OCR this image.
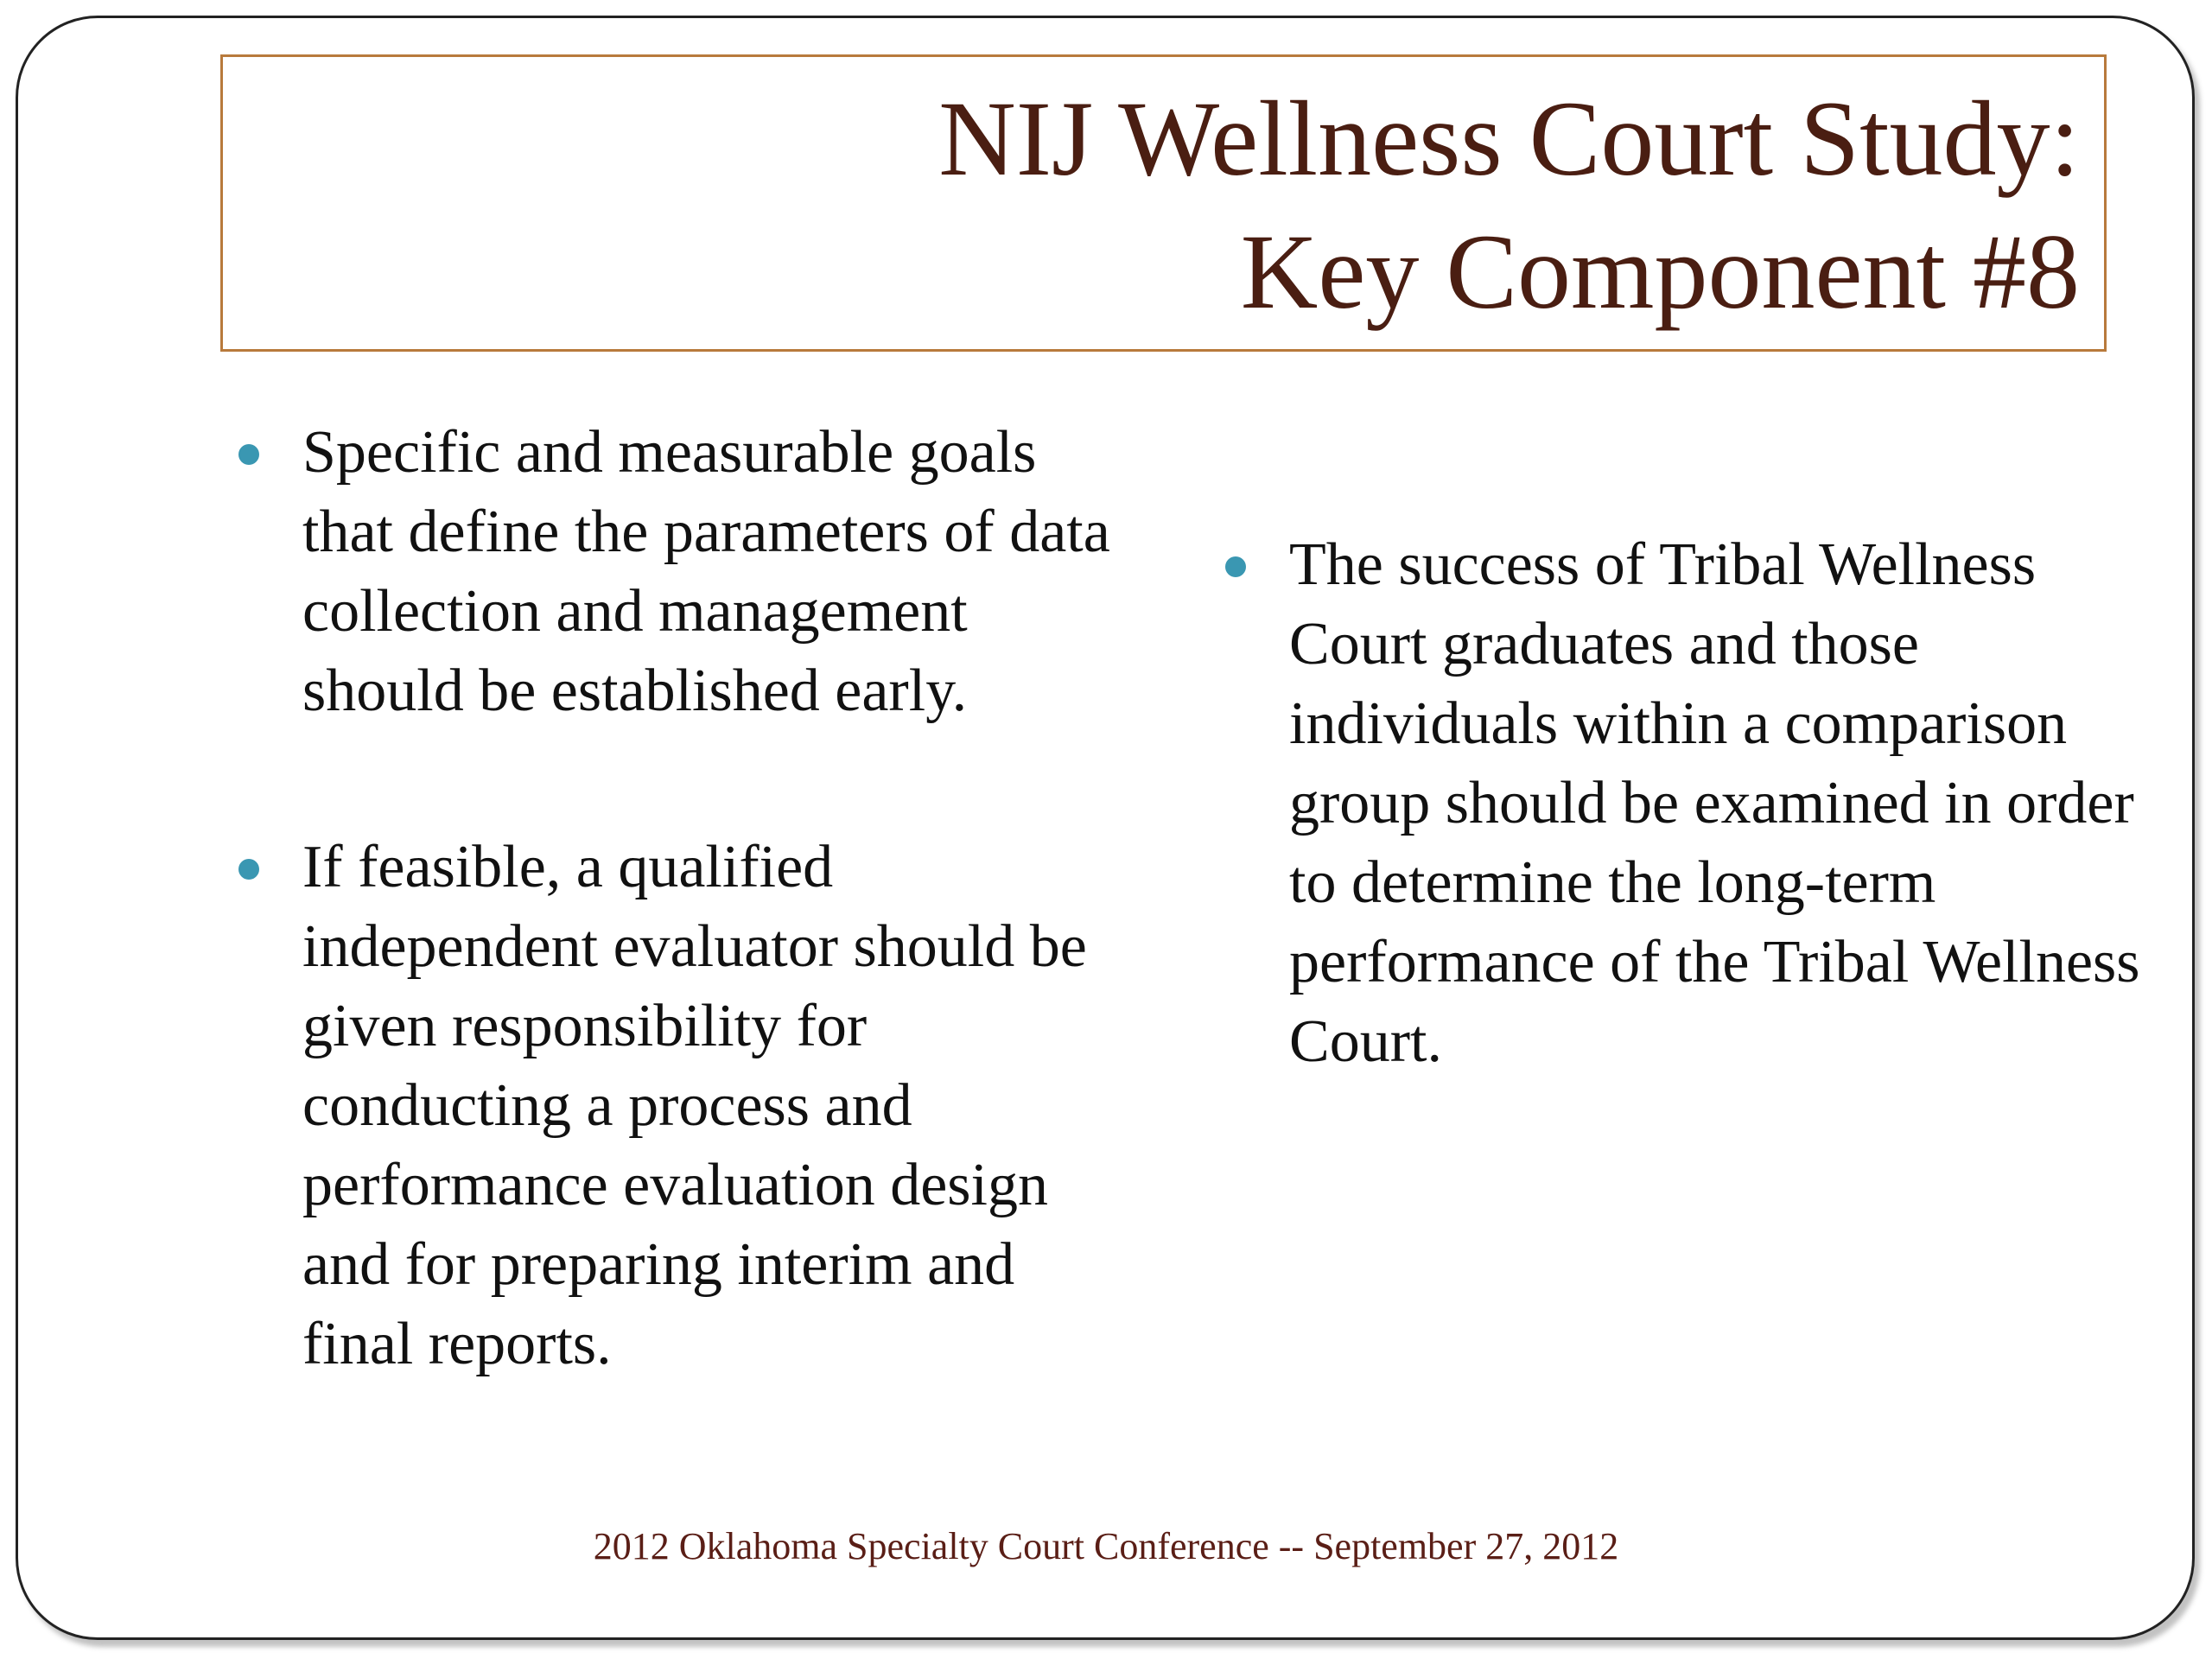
NIJ Wellness Court Study:
Key Component #8
Specific and measurable goals that define the parameters of data collection and management should be established early.
If feasible, a qualified independent evaluator should be given responsibility for conducting a process and performance evaluation design and for preparing interim and final reports.
The success of Tribal Wellness Court graduates and those individuals within a comparison group should be examined in order to determine the long-term performance of the Tribal Wellness Court.
2012 Oklahoma Specialty Court Conference -- September 27, 2012
